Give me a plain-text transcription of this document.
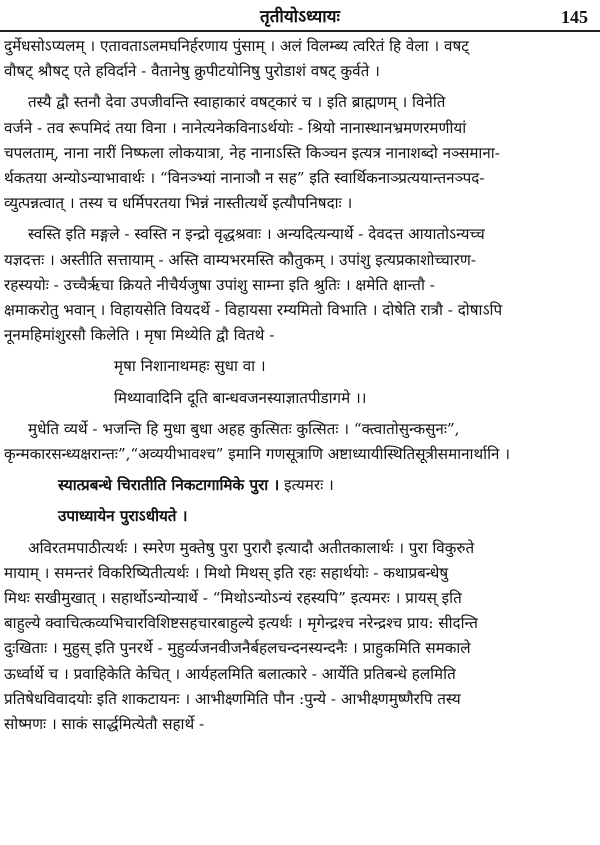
तृतीयोऽध्यायः	145

दुर्मेधसोऽप्यलम् । एतावताऽलमघनिर्हरणाय पुंसाम् । अलं विलम्ब्य त्वरितं हि वेला । वषट्
वौषट् श्रौषट् एते हविर्दाने - वैतानेषु क्रुपीटयोनिषु पुरोडाशं वषट् कुर्वते ।

तस्यै द्वौ स्तनौ देवा उपजीवन्ति स्वाहाकारं वषट्कारं च । इति ब्राह्मणम् । विनेति
वर्जने - तव रूपमिदं तया विना । नानेत्यनेकविनाऽर्थयोः - श्रियो नानास्थानभ्रमणरमणीयां
चपलताम्, नाना नारीं निष्फला लोकयात्रा, नेह नानाऽस्ति किञ्चन इत्यत्र नानाशब्दो नञ्समाना-
र्थकतया अन्योऽन्याभावार्थः । “विनञ्भ्यां नानाञौ न सह” इति स्वार्थिकनाञ्प्रत्ययान्तनञ्पद-
व्युत्पन्नत्वात् । तस्य च धर्मिपरतया भिन्नं नास्तीत्यर्थे इत्यौपनिषदाः ।

स्वस्ति इति मङ्गले - स्वस्ति न इन्द्रो वृद्धश्रवाः । अन्यदित्यन्यार्थे - देवदत्त आयातोऽन्यच्च
यज्ञदत्तः । अस्तीति सत्तायाम् - अस्ति वाम्यभरमस्ति कौतुकम् । उपांशु इत्यप्रकाशोच्चारण-
रहस्ययोः - उच्चैर्ऋचा क्रियते नीचैर्यजुषा उपांशु साम्ना इति श्रुतिः । क्षमेति क्षान्तौ -
क्षमाकरोतु भवान् । विहायसेति वियदर्थे - विहायसा रम्यमितो विभाति । दोषेति रात्रौ - दोषाऽपि
नूनमहिमांशुरसौ किलेति । मृषा मिथ्येति द्वौ वितथे -

मृषा निशानाथमहः सुधा वा ।
मिथ्यावादिनि दूति बान्धवजनस्याज्ञातपीडागमे ।।

मुधेति व्यर्थे - भजन्ति हि मुधा बुधा अहह कुत्सितः कुत्सितः । “क्त्वातोसुन्कसुनः”,
कृन्मकारसन्ध्यक्षरान्तः”,“अव्ययीभावश्च” इमानि गणसूत्राणि अष्टाध्यायीस्थितिसूत्रीसमानार्थानि ।

स्यात्प्रबन्धे चिरातीति निकटागामिके पुरा । इत्यमरः ।

उपाध्यायेन पुराऽधीयते ।

अविरतमपाठीत्यर्थः । स्मरेण मुक्तेषु पुरा पुरारौ इत्यादौ अतीतकालार्थः । पुरा विकुरुते
मायाम् । समन्तरं विकरिष्यितीत्यर्थः । मिथो मिथस् इति रहः सहार्थयोः - कथाप्रबन्धेषु
मिथः सखीमुखात् । सहार्थोऽन्योन्यार्थे - “मिथोऽन्योऽन्यं रहस्यपि” इत्यमरः । प्रायस् इति
बाहुल्ये क्वाचित्कव्यभिचारविशिष्टसहचारबाहुल्ये इत्यर्थः । मृगेन्द्रश्च नरेन्द्रश्च प्राय: सीदन्ति
दुःखिताः । मुहुस् इति पुनरर्थे - मुहुर्व्यजनवीजनैर्बहलचन्दनस्यन्दनैः । प्राहुकमिति समकाले
ऊर्ध्वार्थे च । प्रवाहिकेति केचित् । आर्यहलमिति बलात्कारे - आर्येति प्रतिबन्धे हलमिति
प्रतिषेधविवादयोः इति शाकटायनः । आभीक्ष्णमिति पौन :पुन्ये - आभीक्ष्णमुष्णैरपि तस्य
सोष्मणः । साकं सार्द्धमित्येतौ सहार्थे -
